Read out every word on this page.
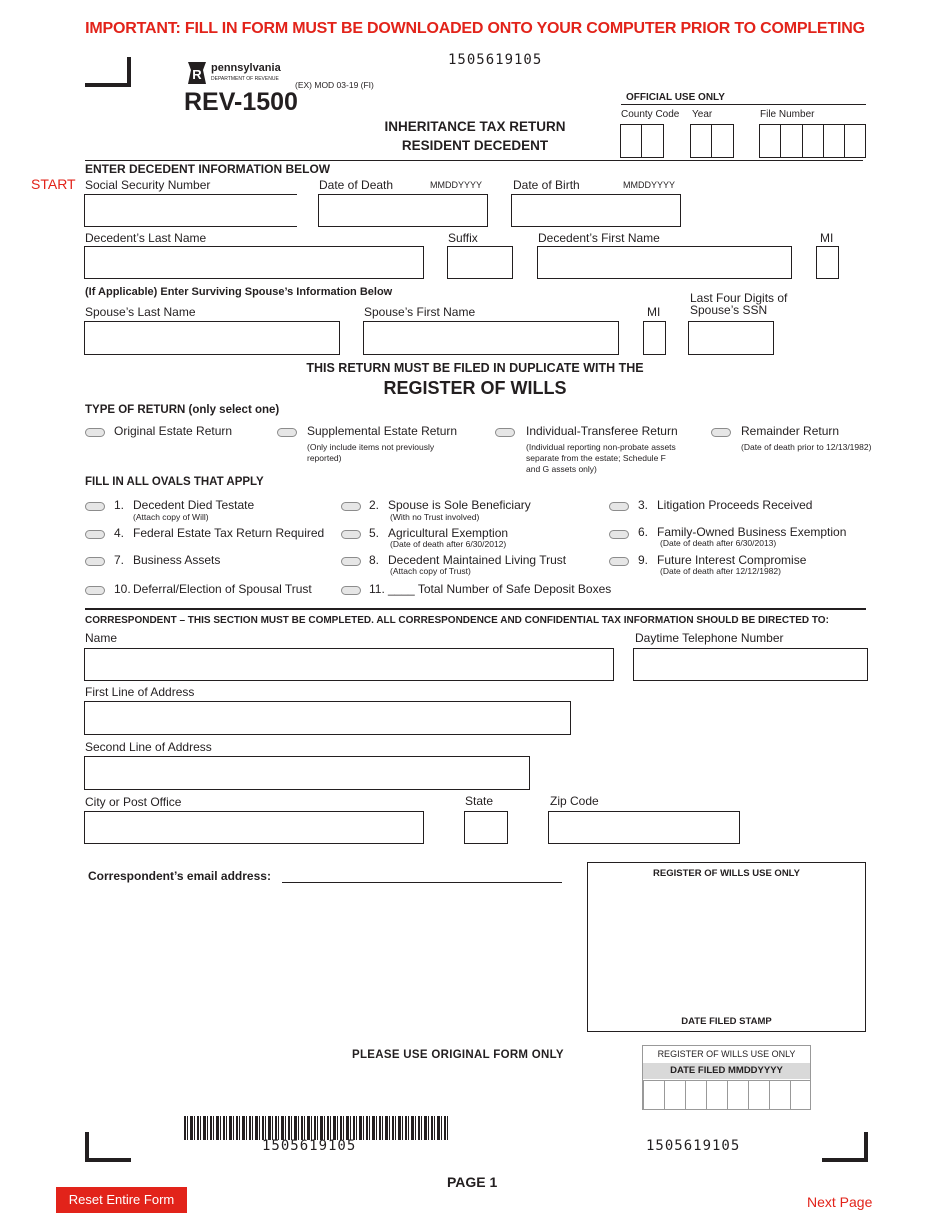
IMPORTANT: FILL IN FORM MUST BE DOWNLOADED ONTO YOUR COMPUTER PRIOR TO COMPLETING
1505619105
R pennsylvania
DEPARTMENT OF REVENUE
(EX) MOD 03-19 (FI)
REV-1500
INHERITANCE TAX RETURN
RESIDENT DECEDENT
OFFICIAL USE ONLY
County Code Year	File Number
ENTER DECEDENT INFORMATION BELOW
START Social Security Number	Date of Death	MMDDYYYY	Date of Birth	MMDDYYYY
Decedent’s Last Name	Suffix	Decedent’s First Name	MI
(If Applicable) Enter Surviving Spouse’s Information Below
Spouse’s Last Name	Spouse’s First Name	MI
Last Four Digits of
Spouse’s SSN
THIS RETURN MUST BE FILED IN DUPLICATE WITH THE
REGISTER OF WILLS
TYPE OF RETURN (only select one)
Original Estate Return	Supplemental Estate Return
(Only include items not previously
reported)
Individual-Transferee Return
(Individual reporting non-probate assets
separate from the estate; Schedule F
and G assets only)
Remainder Return
(Date of death prior to 12/13/1982)
FILL IN ALL OVALS THAT APPLY
1. Decedent Died Testate
(Attach copy of Will)
2. Spouse is Sole Beneficiary
(With no Trust involved)
3. Litigation Proceeds Received
4. Federal Estate Tax Return Required	5. Agricultural Exemption
(Date of death after 6/30/2012)
6. Family-Owned Business Exemption
(Date of death after 6/30/2013)
7. Business Assets	8. Decedent Maintained Living Trust
(Attach copy of Trust)
9. Future Interest Compromise
(Date of death after 12/12/1982)
10. Deferral/Election of Spousal Trust	11. ____ Total Number of Safe Deposit Boxes
CORRESPONDENT – THIS SECTION MUST BE COMPLETED. ALL CORRESPONDENCE AND CONFIDENTIAL TAX INFORMATION SHOULD BE DIRECTED TO:
Name	Daytime Telephone Number
First Line of Address
Second Line of Address
City or Post Office	State	Zip Code
Correspondent’s email address:	REGISTER OF WILLS USE ONLY
DATE FILED STAMP
PLEASE USE ORIGINAL FORM ONLY	REGISTER OF WILLS USE ONLY
DATE FILED MMDDYYYY
1505619105	1505619105
PAGE 1
Reset Entire Form	Next Page
